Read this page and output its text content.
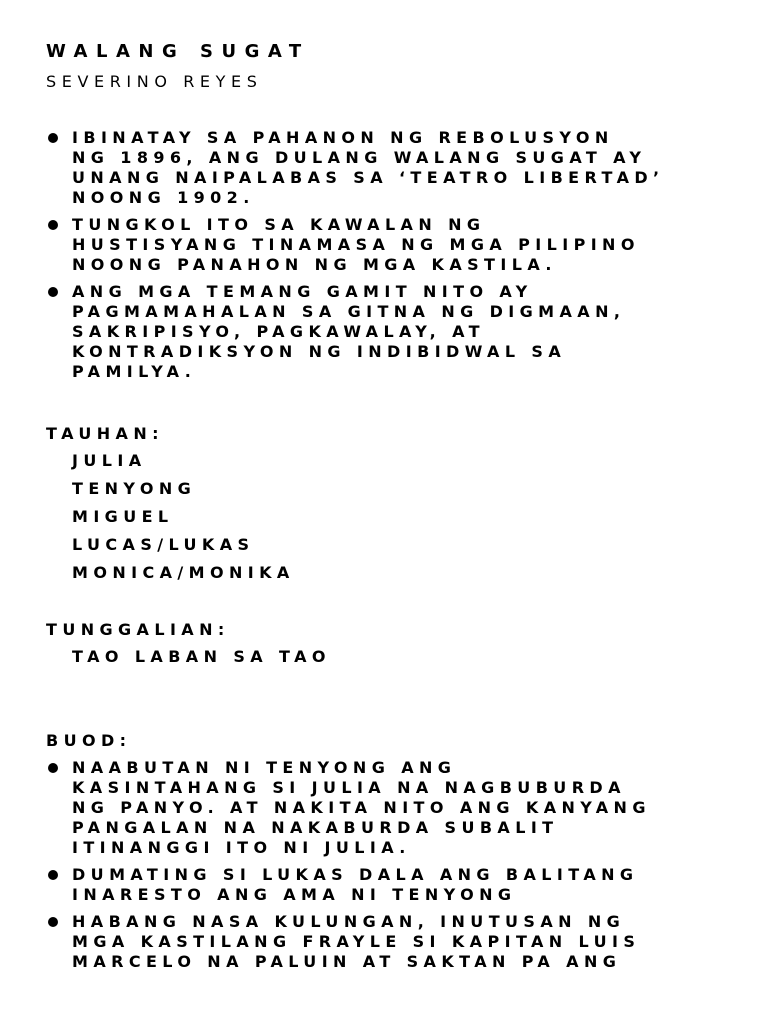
WALANG SUGAT
SEVERINO REYES
IBINATAY SA PAHANON NG REBOLUSYON
NG 1896, ANG DULANG WALANG SUGAT AY
UNANG NAIPALABAS SA ‘TEATRO LIBERTAD’
NOONG 1902.
TUNGKOL ITO SA KAWALAN NG
HUSTISYANG TINAMASA NG MGA PILIPINO
NOONG PANAHON NG MGA KASTILA.
ANG MGA TEMANG GAMIT NITO AY
PAGMAMAHALAN SA GITNA NG DIGMAAN,
SAKRIPISYO, PAGKAWALAY, AT
KONTRADIKSYON NG INDIBIDWAL SA
PAMILYA.
TAUHAN:
JULIA
TENYONG
MIGUEL
LUCAS/LUKAS
MONICA/MONIKA
TUNGGALIAN:
TAO LABAN SA TAO
BUOD:
NAABUTAN NI TENYONG ANG
KASINTAHANG SI JULIA NA NAGBUBURDA
NG PANYO. AT NAKITA NITO ANG KANYANG
PANGALAN NA NAKABURDA SUBALIT
ITINANGGI ITO NI JULIA.
DUMATING SI LUKAS DALA ANG BALITANG
INARESTO ANG AMA NI TENYONG
HABANG NASA KULUNGAN, INUTUSAN NG
MGA KASTILANG FRAYLE SI KAPITAN LUIS
MARCELO NA PALUIN AT SAKTAN PA ANG
